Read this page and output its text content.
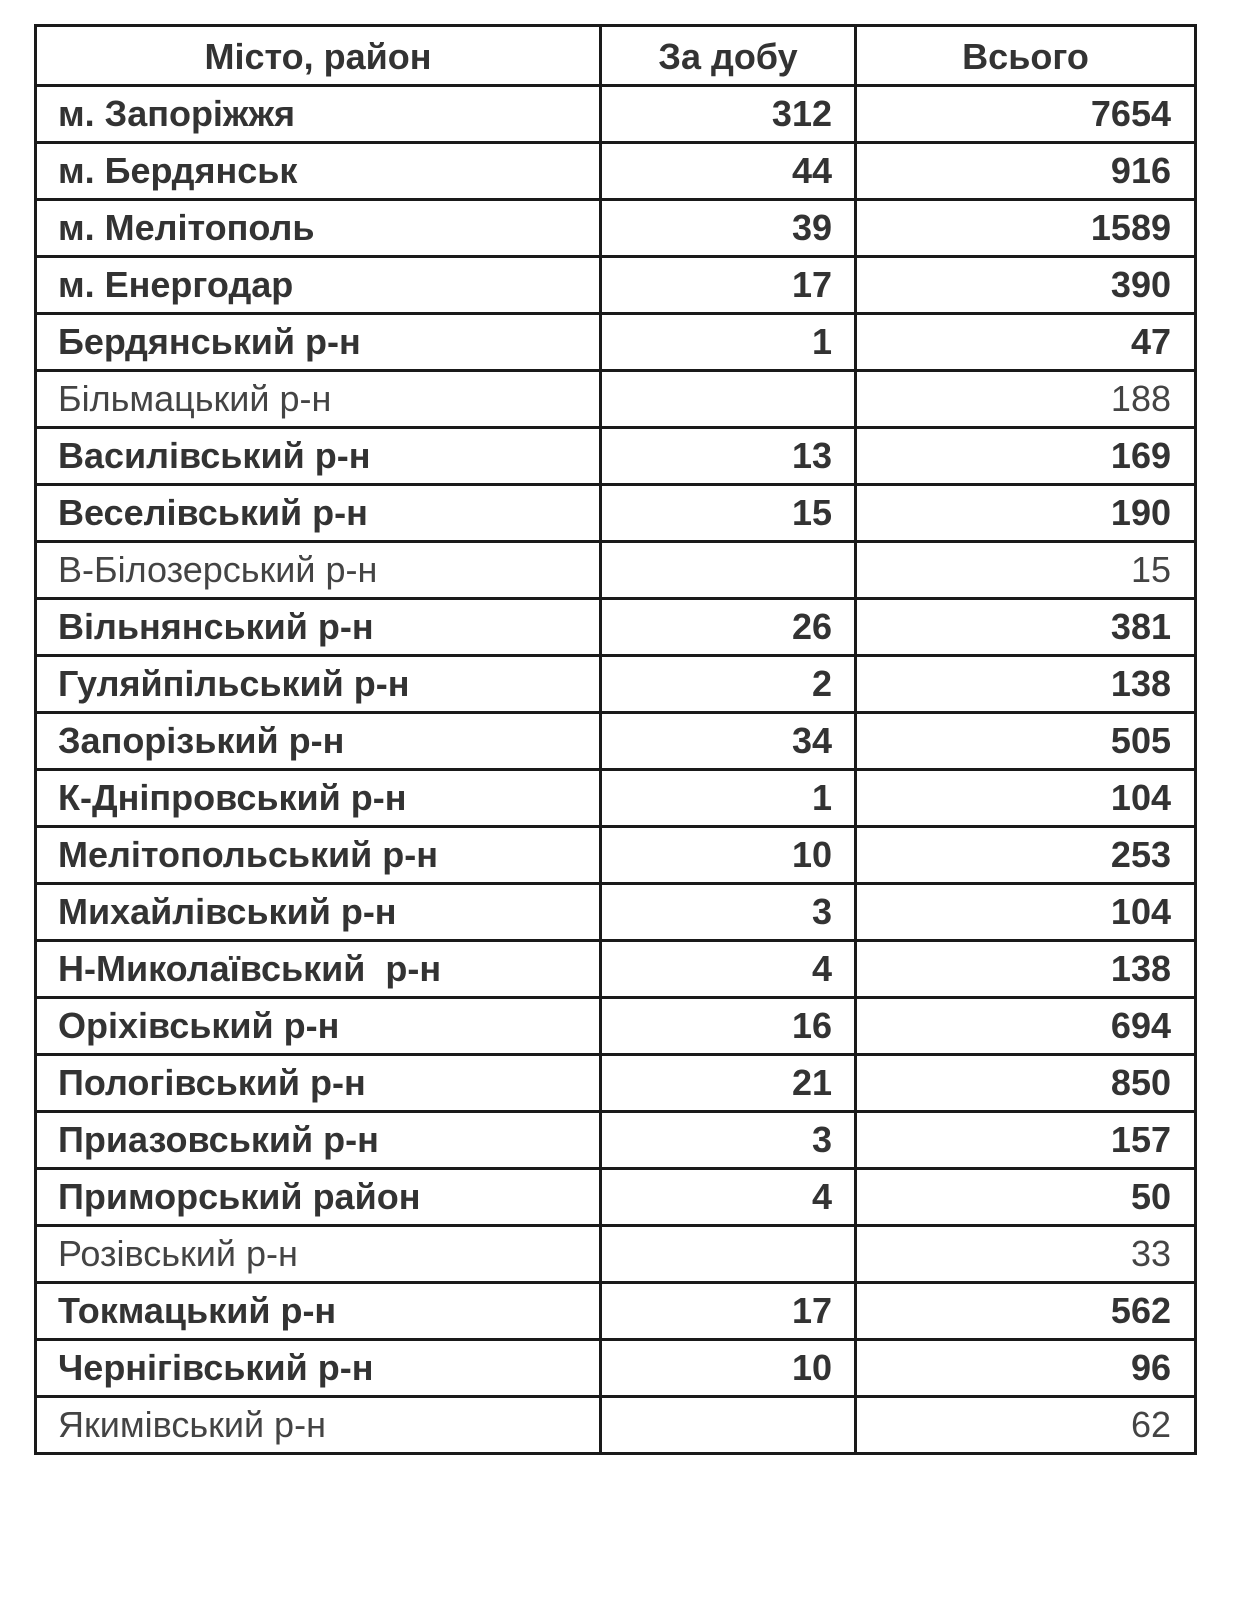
Місто, район	За добу	Всього
м. Запоріжжя	312	7654
м. Бердянськ	44	916
м. Мелітополь	39	1589
м. Енергодар	17	390
Бердянський р-н	1	47
Більмацький р-н		188
Василівський р-н	13	169
Веселівський р-н	15	190
В-Білозерський р-н		15
Вільнянський р-н	26	381
Гуляйпільський р-н	2	138
Запорізький р-н	34	505
К-Дніпровський р-н	1	104
Мелітопольський р-н	10	253
Михайлівський р-н	3	104
Н-Миколаївський  р-н	4	138
Оріхівський р-н	16	694
Пологівський р-н	21	850
Приазовський р-н	3	157
Приморський район	4	50
Розівський р-н		33
Токмацький р-н	17	562
Чернігівський р-н	10	96
Якимівський р-н		62
